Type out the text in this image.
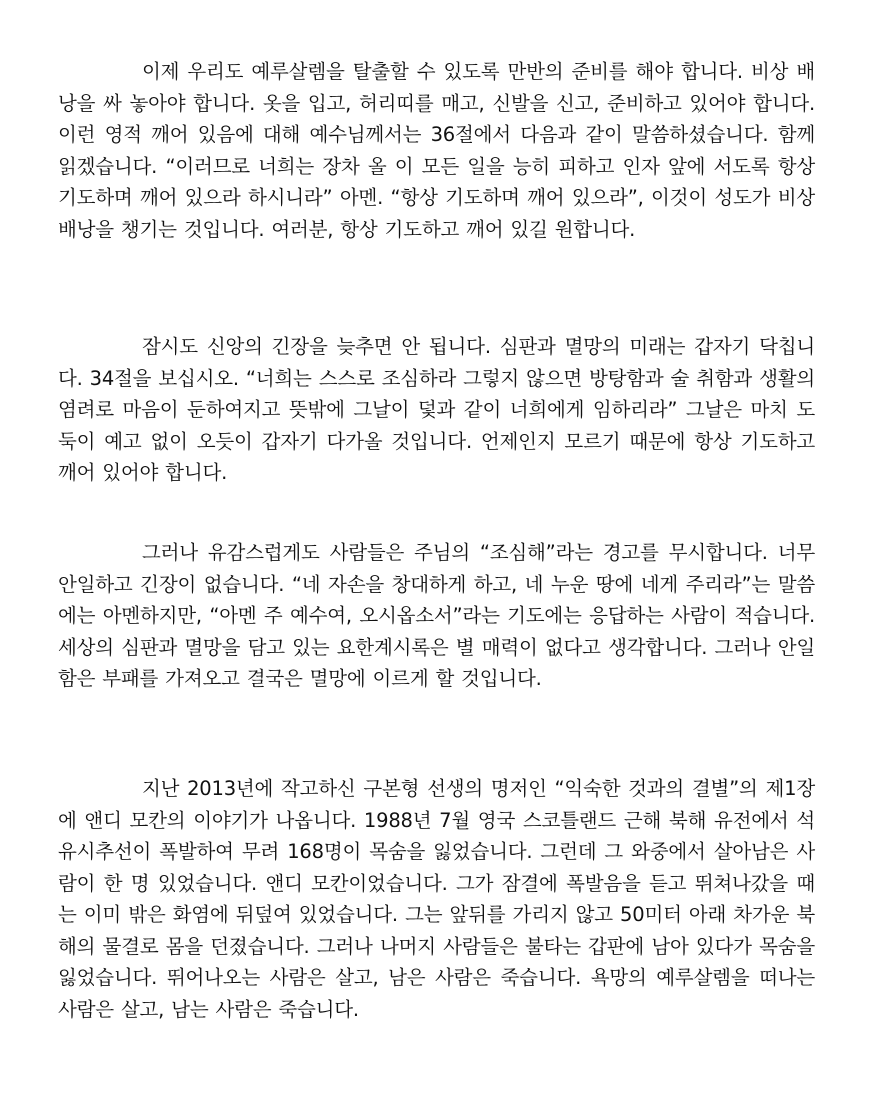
이제 우리도 예루살렘을 탈출할 수 있도록 만반의 준비를 해야 합니다. 비상 배낭을 싸 놓아야 합니다. 옷을 입고, 허리띠를 매고, 신발을 신고, 준비하고 있어야 합니다. 이런 영적 깨어 있음에 대해 예수님께서는 36절에서 다음과 같이 말씀하셨습니다. 함께 읽겠습니다. “이러므로 너희는 장차 올 이 모든 일을 능히 피하고 인자 앞에 서도록 항상 기도하며 깨어 있으라 하시니라” 아멘. “항상 기도하며 깨어 있으라”, 이것이 성도가 비상 배낭을 챙기는 것입니다. 여러분, 항상 기도하고 깨어 있길 원합니다.

잠시도 신앙의 긴장을 늦추면 안 됩니다. 심판과 멸망의 미래는 갑자기 닥칩니다. 34절을 보십시오. “너희는 스스로 조심하라 그렇지 않으면 방탕함과 술 취함과 생활의 염려로 마음이 둔하여지고 뜻밖에 그날이 덫과 같이 너희에게 임하리라” 그날은 마치 도둑이 예고 없이 오듯이 갑자기 다가올 것입니다. 언제인지 모르기 때문에 항상 기도하고 깨어 있어야 합니다.

그러나 유감스럽게도 사람들은 주님의 “조심해”라는 경고를 무시합니다. 너무 안일하고 긴장이 없습니다. “네 자손을 창대하게 하고, 네 누운 땅에 네게 주리라”는 말씀에는 아멘하지만, “아멘 주 예수여, 오시옵소서”라는 기도에는 응답하는 사람이 적습니다. 세상의 심판과 멸망을 담고 있는 요한계시록은 별 매력이 없다고 생각합니다. 그러나 안일함은 부패를 가져오고 결국은 멸망에 이르게 할 것입니다.

지난 2013년에 작고하신 구본형 선생의 명저인 “익숙한 것과의 결별”의 제1장에 앤디 모칸의 이야기가 나옵니다. 1988년 7월 영국 스코틀랜드 근해 북해 유전에서 석유시추선이 폭발하여 무려 168명이 목숨을 잃었습니다. 그런데 그 와중에서 살아남은 사람이 한 명 있었습니다. 앤디 모칸이었습니다. 그가 잠결에 폭발음을 듣고 뛰쳐나갔을 때는 이미 밖은 화염에 뒤덮여 있었습니다. 그는 앞뒤를 가리지 않고 50미터 아래 차가운 북해의 물결로 몸을 던졌습니다. 그러나 나머지 사람들은 불타는 갑판에 남아 있다가 목숨을 잃었습니다. 뛰어나오는 사람은 살고, 남은 사람은 죽습니다. 욕망의 예루살렘을 떠나는 사람은 살고, 남는 사람은 죽습니다.
